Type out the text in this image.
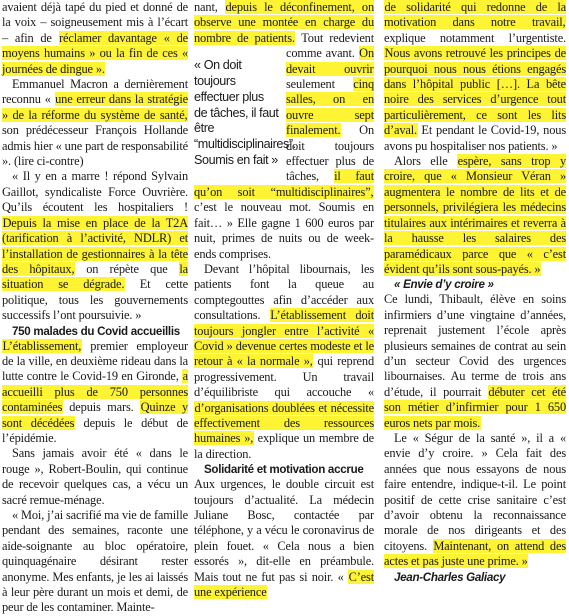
avaient déjà tapé du pied et donné de la voix – soigneusement mis à l’écart – afin de réclamer davantage « de moyens humains » ou la fin de ces « journées de dingue ».

Emmanuel Macron a dernièrement reconnu « une erreur dans la stratégie » de la réforme du système de santé, son prédécesseur François Hollande admis hier « une part de responsabilité ». (lire ci-contre)

« Il y en a marre ! répond Sylvain Gaillot, syndicaliste Force Ouvrière. Qu’ils écoutent les hospitaliers ! Depuis la mise en place de la T2A (tarification à l’activité, NDLR) et l’installation de gestionnaires à la tête des hôpitaux, on répète que la situation se dégrade. Et cette politique, tous les gouvernements successifs l’ont poursuivie. »

750 malades du Covid accueillis

L’établissement, premier employeur de la ville, en deuxième rideau dans la lutte contre le Covid-19 en Gironde, a accueilli plus de 750 personnes contaminées depuis mars. Quinze y sont décédées depuis le début de l’épidémie.

Sans jamais avoir été « dans le rouge », Robert-Boulin, qui continue de recevoir quelques cas, a vécu un sacré remue-ménage.

« Moi, j’ai sacrifié ma vie de famille pendant des semaines, raconte une aide-soignante au bloc opératoire, quinquagénaire désirant rester anonyme. Mes enfants, je les ai laissés à leur père durant un mois et demi, de peur de les contaminer. Mainte-

nant, depuis le déconfinement, on observe une montée en charge du nombre de patients. Tout redevient comme avant.
« On doit toujours effectuer plus de tâches, il faut être “multidisciplinaires”. Soumis en fait »
On devait ouvrir seulement cinq salles, on en ouvre sept finalement. On doit toujours effectuer plus de tâches, il faut qu’on soit “multidisciplinaires”, c’est le nouveau mot. Soumis en fait… » Elle gagne 1 600 euros par nuit, primes de nuits ou de week-ends comprises.

Devant l’hôpital libournais, les patients font la queue au comptegouttes afin d’accéder aux consultations. L’établissement doit toujours jongler entre l’activité « Covid » devenue certes modeste et le retour à « la normale », qui reprend progressivement. Un travail d’équilibriste qui accouche « d’organisations doublées et nécessite effectivement des ressources humaines », explique un membre de la direction.

Solidarité et motivation accrue

Aux urgences, le double circuit est toujours d’actualité. La médecin Juliane Bosc, contactée par téléphone, y a vécu le coronavirus de plein fouet. « Cela nous a bien essorés », dit-elle en préambule. Mais tout ne fut pas si noir. « C’est une expérience

de solidarité qui redonne de la motivation dans notre travail, explique notamment l’urgentiste. Nous avons retrouvé les principes de pourquoi nous nous étions engagés dans l’hôpital public […]. La bête noire des services d’urgence tout particulièrement, ce sont les lits d’aval. Et pendant le Covid-19, nous avons pu hospitaliser nos patients. »

Alors elle espère, sans trop y croire, que « Monsieur Véran » augmentera le nombre de lits et de personnels, privilégiera les médecins titulaires aux intérimaires et reverra à la hausse les salaires des paramédicaux parce que « c’est évident qu’ils sont sous-payés. »

« Envie d’y croire »

Ce lundi, Thibault, élève en soins infirmiers d’une vingtaine d’années, reprenait justement l’école après plusieurs semaines de contrat au sein d’un secteur Covid des urgences libournaises. Au terme de trois ans d’étude, il pourrait débuter cet été son métier d’infirmier pour 1 650 euros nets par mois.

Le « Ségur de la santé », il a « envie d’y croire. » Cela fait des années que nous essayons de nous faire entendre, indique-t-il. Le point positif de cette crise sanitaire c’est d’avoir obtenu la reconnaissance morale de nos dirigeants et des citoyens. Maintenant, on attend des actes et pas juste une prime. »

Jean-Charles Galiacy
